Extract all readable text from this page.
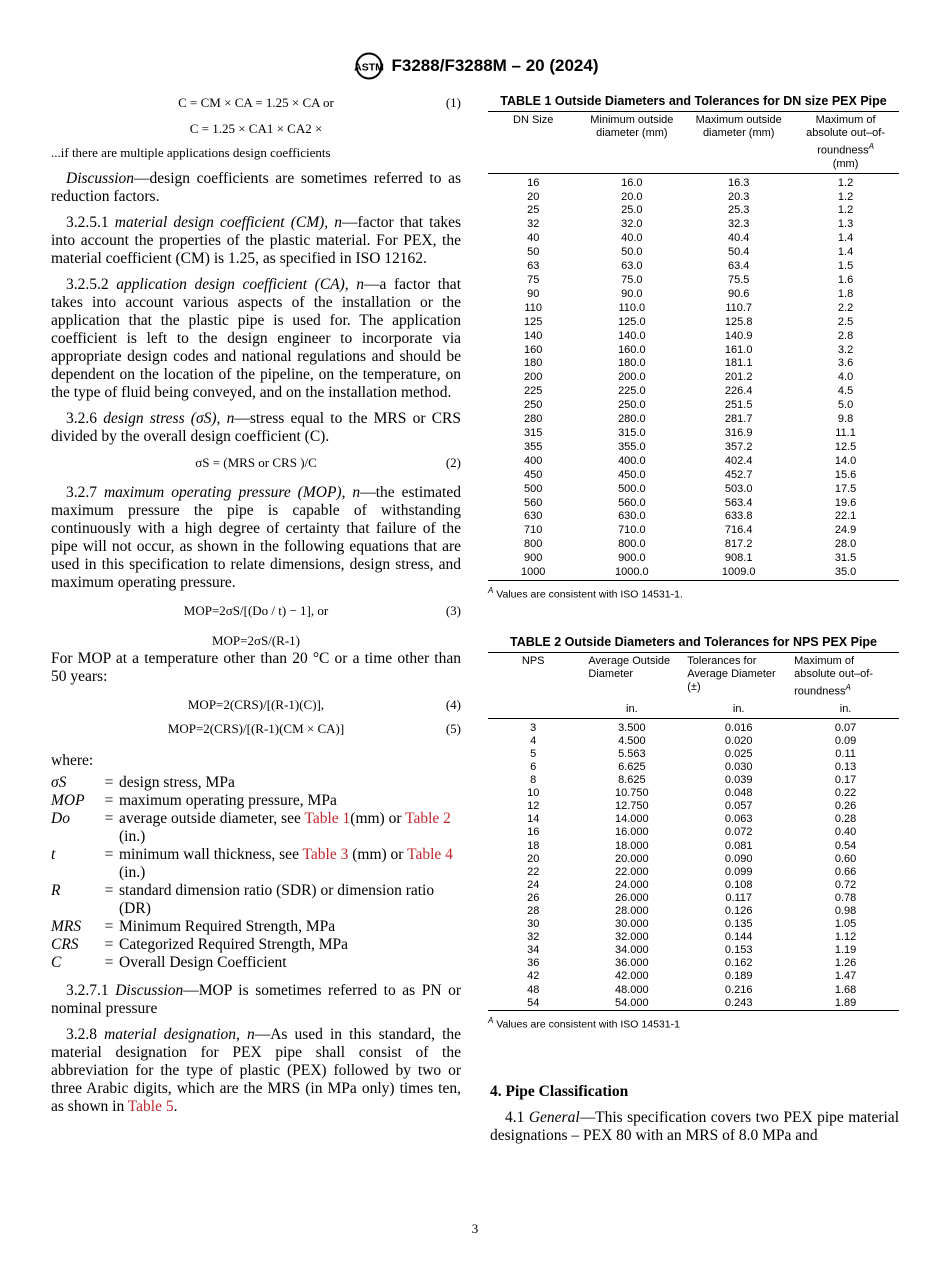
ASTM F3288/F3288M – 20 (2024)
C = CM × CA = 1.25 × CA or	(1)
C = 1.25 × CA1 × CA2 ×

...if there are multiple applications design coefficients

Discussion—design coefficients are sometimes referred to as reduction factors.

3.2.5.1 material design coefficient (CM), n—factor that takes into account the properties of the plastic material. For PEX, the material coefficient (CM) is 1.25, as specified in ISO 12162.

3.2.5.2 application design coefficient (CA), n—a factor that takes into account various aspects of the installation or the application that the plastic pipe is used for. The application coefficient is left to the design engineer to incorporate via appropriate design codes and national regulations and should be dependent on the location of the pipeline, on the temperature, on the type of fluid being conveyed, and on the installation method.

3.2.6 design stress (σS), n—stress equal to the MRS or CRS divided by the overall design coefficient (C).

σS = (MRS or CRS )/C	(2)

3.2.7 maximum operating pressure (MOP), n—the estimated maximum pressure the pipe is capable of withstanding continuously with a high degree of certainty that failure of the pipe will not occur, as shown in the following equations that are used in this specification to relate dimensions, design stress, and maximum operating pressure.

MOP=2σS/[(Do / t) − 1], or	(3)
MOP=2σS/(R-1)

For MOP at a temperature other than 20 °C or a time other than 50 years:

MOP=2(CRS)/[(R-1)(C)],	(4)
MOP=2(CRS)/[(R-1)(CM × CA)]	(5)

where:

σS	=	design stress, MPa
MOP	=	maximum operating pressure, MPa
Do	=	average outside diameter, see Table 1(mm) or Table 2 (in.)
t	=	minimum wall thickness, see Table 3 (mm) or Table 4 (in.)
R	=	standard dimension ratio (SDR) or dimension ratio (DR)
MRS	=	Minimum Required Strength, MPa
CRS	=	Categorized Required Strength, MPa
C	=	Overall Design Coefficient

3.2.7.1 Discussion—MOP is sometimes referred to as PN or nominal pressure

3.2.8 material designation, n—As used in this standard, the material designation for PEX pipe shall consist of the abbreviation for the type of plastic (PEX) followed by two or three Arabic digits, which are the MRS (in MPa only) times ten, as shown in Table 5.

TABLE 1 Outside Diameters and Tolerances for DN size PEX Pipe
DN Size	Minimum outside diameter (mm)	Maximum outside diameter (mm)	Maximum of absolute out–of-roundness$^A$
(mm)
16	16.0	16.3	1.2
20	20.0	20.3	1.2
25	25.0	25.3	1.2
32	32.0	32.3	1.3
40	40.0	40.4	1.4
50	50.0	50.4	1.4
63	63.0	63.4	1.5
75	75.0	75.5	1.6
90	90.0	90.6	1.8
110	110.0	110.7	2.2
125	125.0	125.8	2.5
140	140.0	140.9	2.8
160	160.0	161.0	3.2
180	180.0	181.1	3.6
200	200.0	201.2	4.0
225	225.0	226.4	4.5
250	250.0	251.5	5.0
280	280.0	281.7	9.8
315	315.0	316.9	11.1
355	355.0	357.2	12.5
400	400.0	402.4	14.0
450	450.0	452.7	15.6
500	500.0	503.0	17.5
560	560.0	563.4	19.6
630	630.0	633.8	22.1
710	710.0	716.4	24.9
800	800.0	817.2	28.0
900	900.0	908.1	31.5
1000	1000.0	1009.0	35.0
$^A$ Values are consistent with ISO 14531-1.
TABLE 2 Outside Diameters and Tolerances for NPS PEX Pipe
NPS	Average Outside Diameter	Tolerances for Average Diameter (±)	Maximum of absolute out–of-roundness$^A$
	in.	in.	in.
3	3.500	0.016	0.07
4	4.500	0.020	0.09
5	5.563	0.025	0.11
6	6.625	0.030	0.13
8	8.625	0.039	0.17
10	10.750	0.048	0.22
12	12.750	0.057	0.26
14	14.000	0.063	0.28
16	16.000	0.072	0.40
18	18.000	0.081	0.54
20	20.000	0.090	0.60
22	22.000	0.099	0.66
24	24.000	0.108	0.72
26	26.000	0.117	0.78
28	28.000	0.126	0.98
30	30.000	0.135	1.05
32	32.000	0.144	1.12
34	34.000	0.153	1.19
36	36.000	0.162	1.26
42	42.000	0.189	1.47
48	48.000	0.216	1.68
54	54.000	0.243	1.89
$^A$ Values are consistent with ISO 14531-1
4. Pipe Classification

4.1 General—This specification covers two PEX pipe material designations – PEX 80 with an MRS of 8.0 MPa and

3
